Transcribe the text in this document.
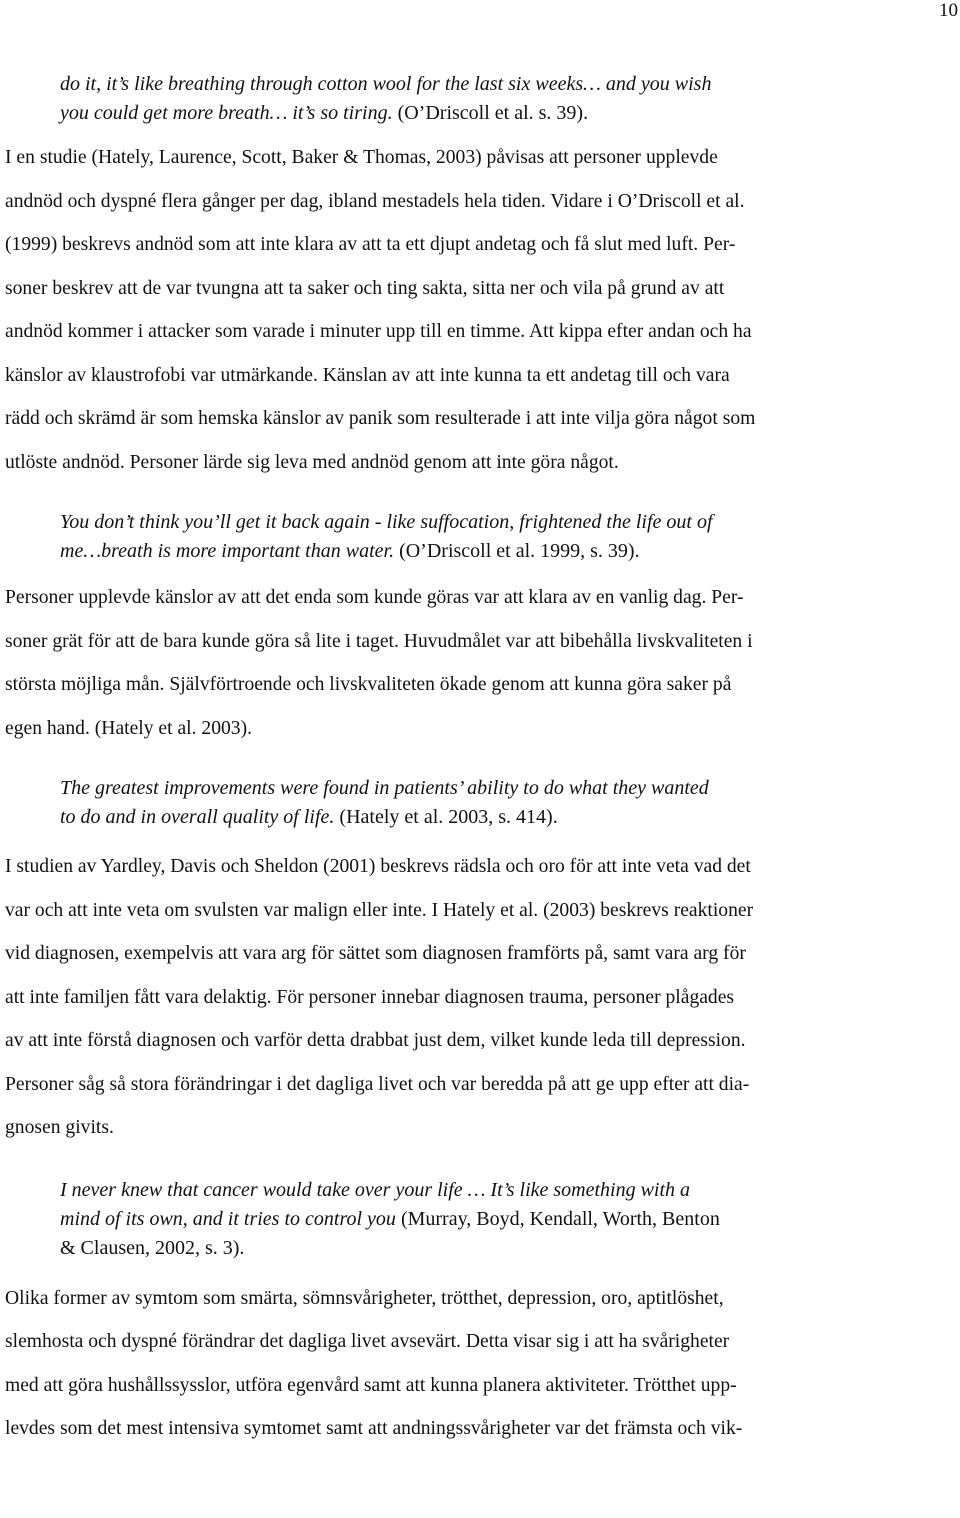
10
do it, it’s like breathing through cotton wool for the last six weeks… and you wish
you could get more breath… it’s so tiring. (O’Driscoll et al. s. 39).
I en studie (Hately, Laurence, Scott, Baker & Thomas, 2003) påvisas att personer upplevde
andnöd och dyspné flera gånger per dag, ibland mestadels hela tiden. Vidare i O’Driscoll et al.
(1999) beskrevs andnöd som att inte klara av att ta ett djupt andetag och få slut med luft. Per-
soner beskrev att de var tvungna att ta saker och ting sakta, sitta ner och vila på grund av att
andnöd kommer i attacker som varade i minuter upp till en timme. Att kippa efter andan och ha
känslor av klaustrofobi var utmärkande. Känslan av att inte kunna ta ett andetag till och vara
rädd och skrämd är som hemska känslor av panik som resulterade i att inte vilja göra något som
utlöste andnöd. Personer lärde sig leva med andnöd genom att inte göra något.
You don’t think you’ll get it back again - like suffocation, frightened the life out of
me…breath is more important than water. (O’Driscoll et al. 1999, s. 39).
Personer upplevde känslor av att det enda som kunde göras var att klara av en vanlig dag. Per-
soner grät för att de bara kunde göra så lite i taget. Huvudmålet var att bibehålla livskvaliteten i
största möjliga mån. Självförtroende och livskvaliteten ökade genom att kunna göra saker på
egen hand. (Hately et al. 2003).
The greatest improvements were found in patients’ ability to do what they wanted
to do and in overall quality of life. (Hately et al. 2003, s. 414).
I studien av Yardley, Davis och Sheldon (2001) beskrevs rädsla och oro för att inte veta vad det
var och att inte veta om svulsten var malign eller inte. I Hately et al. (2003) beskrevs reaktioner
vid diagnosen, exempelvis att vara arg för sättet som diagnosen framförts på, samt vara arg för
att inte familjen fått vara delaktig. För personer innebar diagnosen trauma, personer plågades
av att inte förstå diagnosen och varför detta drabbat just dem, vilket kunde leda till depression.
Personer såg så stora förändringar i det dagliga livet och var beredda på att ge upp efter att dia-
gnosen givits.
I never knew that cancer would take over your life … It’s like something with a
mind of its own, and it tries to control you (Murray, Boyd, Kendall, Worth, Benton
& Clausen, 2002, s. 3).
Olika former av symtom som smärta, sömnsvårigheter, trötthet, depression, oro, aptitlöshet,
slemhosta och dyspné förändrar det dagliga livet avsevärt. Detta visar sig i att ha svårigheter
med att göra hushållssysslor, utföra egenvård samt att kunna planera aktiviteter. Trötthet upp-
levdes som det mest intensiva symtomet samt att andningssvårigheter var det främsta och vik-
